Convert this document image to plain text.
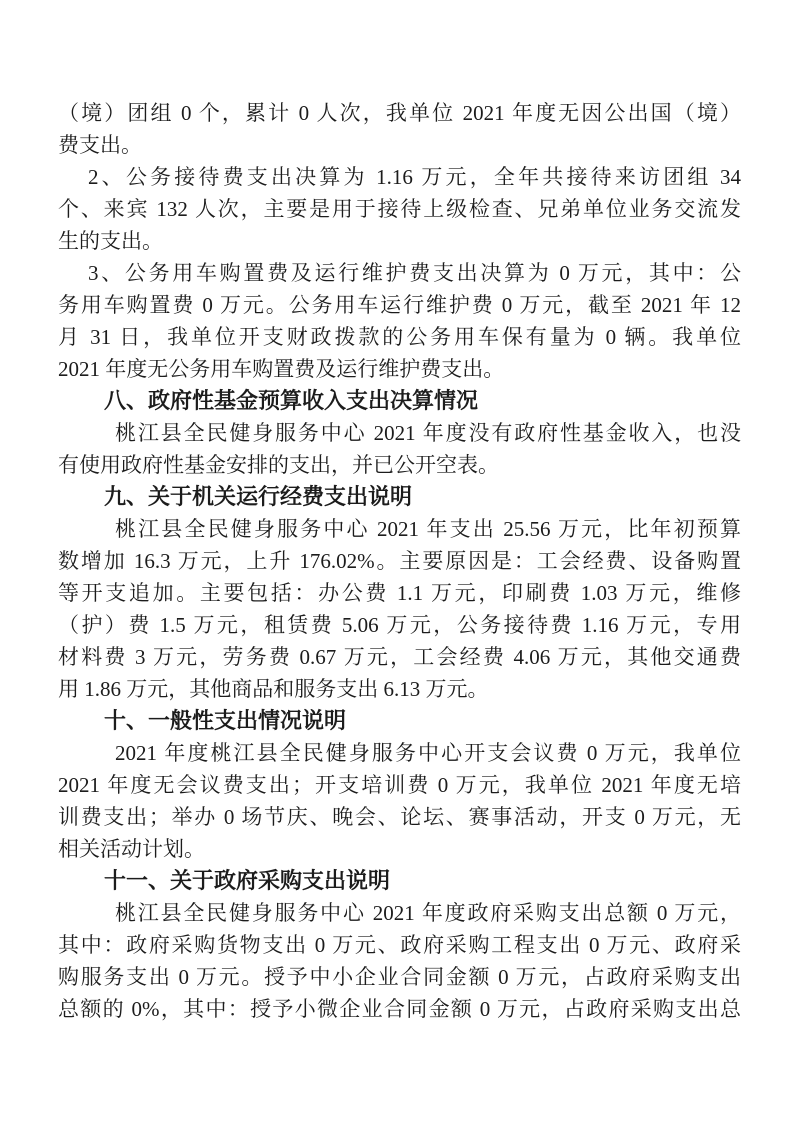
（境）团组 0 个，累计 0 人次，我单位 2021 年度无因公出国（境）
费支出。
2、公务接待费支出决算为 1.16 万元，全年共接待来访团组 34
个、来宾 132 人次，主要是用于接待上级检查、兄弟单位业务交流发
生的支出。
3、公务用车购置费及运行维护费支出决算为 0 万元，其中：公
务用车购置费 0 万元。公务用车运行维护费 0 万元，截至 2021 年 12
月 31 日，我单位开支财政拨款的公务用车保有量为 0 辆。我单位
2021 年度无公务用车购置费及运行维护费支出。
八、政府性基金预算收入支出决算情况
桃江县全民健身服务中心 2021 年度没有政府性基金收入，也没
有使用政府性基金安排的支出，并已公开空表。
九、关于机关运行经费支出说明
桃江县全民健身服务中心 2021 年支出 25.56 万元，比年初预算
数增加 16.3 万元，上升 176.02%。主要原因是：工会经费、设备购置
等开支追加。主要包括：办公费 1.1 万元，印刷费 1.03 万元，维修
（护）费 1.5 万元，租赁费 5.06 万元，公务接待费 1.16 万元，专用
材料费 3 万元，劳务费 0.67 万元，工会经费 4.06 万元，其他交通费
用 1.86 万元，其他商品和服务支出 6.13 万元。
十、一般性支出情况说明
2021 年度桃江县全民健身服务中心开支会议费 0 万元，我单位
2021 年度无会议费支出；开支培训费 0 万元，我单位 2021 年度无培
训费支出；举办 0 场节庆、晚会、论坛、赛事活动，开支 0 万元，无
相关活动计划。
十一、关于政府采购支出说明
桃江县全民健身服务中心 2021 年度政府采购支出总额 0 万元，
其中：政府采购货物支出 0 万元、政府采购工程支出 0 万元、政府采
购服务支出 0 万元。授予中小企业合同金额 0 万元，占政府采购支出
总额的 0%，其中：授予小微企业合同金额 0 万元，占政府采购支出总
